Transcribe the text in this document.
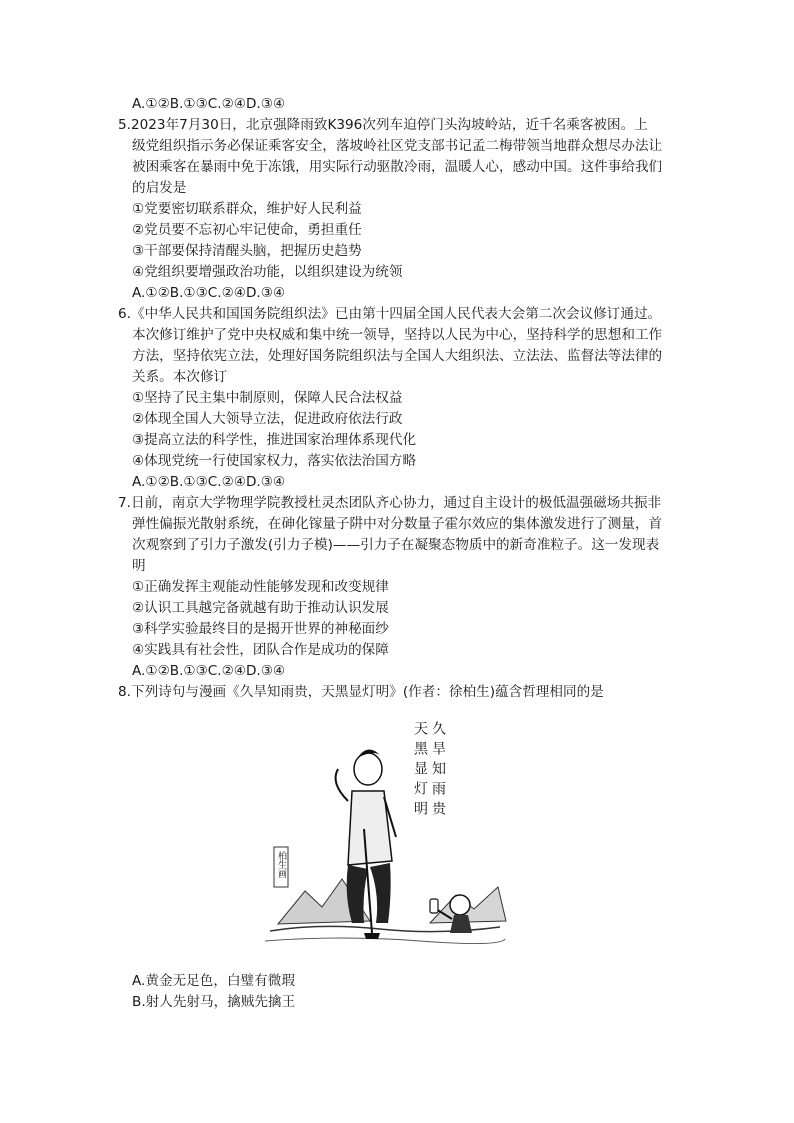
A.①②B.①③C.②④D.③④
5.2023年7月30日，北京强降雨致K396次列车迫停门头沟坡岭站，近千名乘客被困。上
级党组织指示务必保证乘客安全，落坡岭社区党支部书记孟二梅带领当地群众想尽办法让
被困乘客在暴雨中免于冻饿，用实际行动驱散冷雨，温暖人心，感动中国。这件事给我们
的启发是
①党要密切联系群众，维护好人民利益
②党员要不忘初心牢记使命，勇担重任
③干部要保持清醒头脑，把握历史趋势
④党组织要增强政治功能，以组织建设为统领
A.①②B.①③C.②④D.③④
6.《中华人民共和国国务院组织法》已由第十四届全国人民代表大会第二次会议修订通过。
本次修订维护了党中央权威和集中统一领导，坚持以人民为中心，坚持科学的思想和工作
方法，坚持依宪立法，处理好国务院组织法与全国人大组织法、立法法、监督法等法律的
关系。本次修订
①坚持了民主集中制原则，保障人民合法权益
②体现全国人大领导立法，促进政府依法行政
③提高立法的科学性，推进国家治理体系现代化
④体现党统一行使国家权力，落实依法治国方略
A.①②B.①③C.②④D.③④
7.日前，南京大学物理学院教授杜灵杰团队齐心协力，通过自主设计的极低温强磁场共振非
弹性偏振光散射系统，在砷化镓量子阱中对分数量子霍尔效应的集体激发进行了测量，首
次观察到了引力子激发(引力子模)——引力子在凝聚态物质中的新奇准粒子。这一发现表
明
①正确发挥主观能动性能够发现和改变规律
②认识工具越完备就越有助于推动认识发展
③科学实验最终目的是揭开世界的神秘面纱
④实践具有社会性，团队合作是成功的保障
A.①②B.①③C.②④D.③④
8.下列诗句与漫画《久旱知雨贵，天黑显灯明》(作者：徐柏生)蕴含哲理相同的是
久旱知雨贵
天黑显灯明
柏生画
A.黄金无足色，白璧有微瑕
B.射人先射马，擒贼先擒王
